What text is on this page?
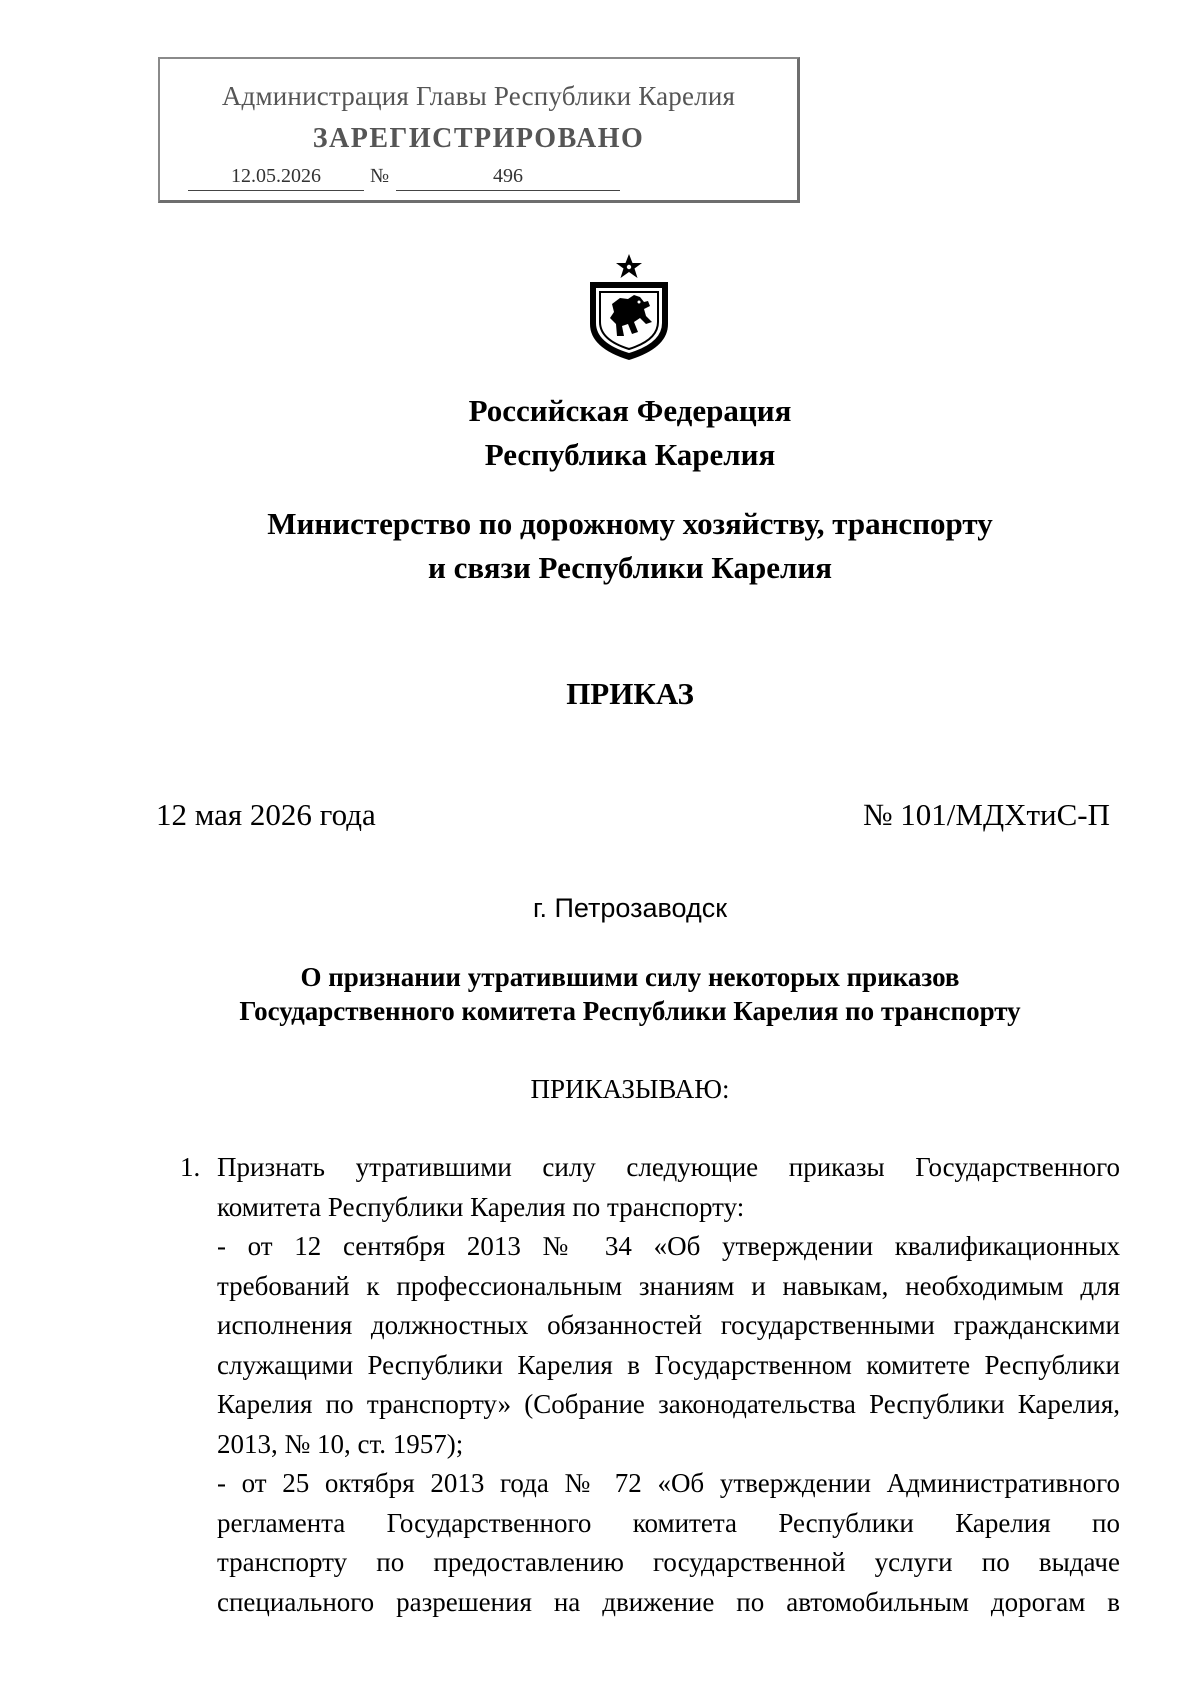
Администрация Главы Республики Карелия
ЗАРЕГИСТРИРОВАНО
12.05.2026	№	496
Российская Федерация
Республика Карелия
Министерство по дорожному хозяйству, транспорту
и связи Республики Карелия
ПРИКАЗ
12 мая 2026 года	№ 101/МДХтиС-П
г. Петрозаводск
О признании утратившими силу некоторых приказов
Государственного комитета Республики Карелия по транспорту
ПРИКАЗЫВАЮ:
1. Признать утратившими силу следующие приказы Государственного
комитета Республики Карелия по транспорту:
- от 12 сентября 2013 № 34 «Об утверждении квалификационных
требований к профессиональным знаниям и навыкам, необходимым для
исполнения должностных обязанностей государственными гражданскими
служащими Республики Карелия в Государственном комитете Республики
Карелия по транспорту» (Собрание законодательства Республики Карелия,
2013, № 10, ст. 1957);
- от 25 октября 2013 года № 72 «Об утверждении Административного
регламента Государственного комитета Республики Карелия по
транспорту по предоставлению государственной услуги по выдаче
специального разрешения на движение по автомобильным дорогам в
